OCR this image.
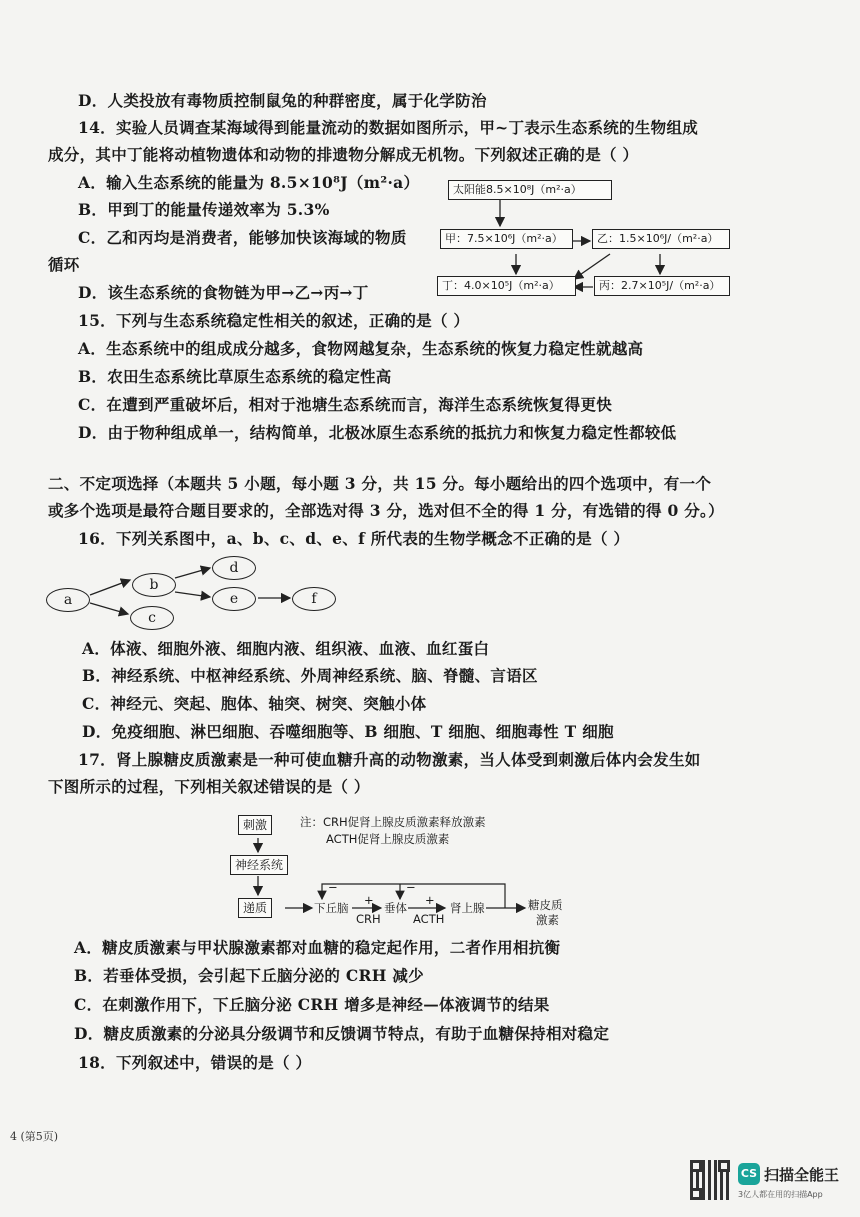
D．人类投放有毒物质控制鼠兔的种群密度，属于化学防治
14．实验人员调查某海域得到能量流动的数据如图所示，甲~丁表示生态系统的生物组成
成分，其中丁能将动植物遗体和动物的排遗物分解成无机物。下列叙述正确的是（ ）
A．输入生态系统的能量为 8.5×10⁸J（m²·a）
B．甲到丁的能量传递效率为 5.3%
C．乙和丙均是消费者，能够加快该海域的物质
循环
D．该生态系统的食物链为甲→乙→丙→丁
15．下列与生态系统稳定性相关的叙述，正确的是（ ）
A．生态系统中的组成成分越多，食物网越复杂，生态系统的恢复力稳定性就越高
B．农田生态系统比草原生态系统的稳定性高
C．在遭到严重破坏后，相对于池塘生态系统而言，海洋生态系统恢复得更快
D．由于物种组成单一，结构简单，北极冰原生态系统的抵抗力和恢复力稳定性都较低
二、不定项选择（本题共 5 小题，每小题 3 分，共 15 分。每小题给出的四个选项中，有一个
或多个选项是最符合题目要求的，全部选对得 3 分，选对但不全的得 1 分，有选错的得 0 分。）
16．下列关系图中，a、b、c、d、e、f 所代表的生物学概念不正确的是（ ）
A．体液、细胞外液、细胞内液、组织液、血液、血红蛋白
B．神经系统、中枢神经系统、外周神经系统、脑、脊髓、言语区
C．神经元、突起、胞体、轴突、树突、突触小体
D．免疫细胞、淋巴细胞、吞噬细胞等、B 细胞、T 细胞、细胞毒性 T 细胞
17．肾上腺糖皮质激素是一种可使血糖升高的动物激素，当人体受到刺激后体内会发生如
下图所示的过程，下列相关叙述错误的是（ ）
A．糖皮质激素与甲状腺激素都对血糖的稳定起作用，二者作用相抗衡
B．若垂体受损，会引起下丘脑分泌的 CRH 减少
C．在刺激作用下，下丘脑分泌 CRH 增多是神经—体液调节的结果
D．糖皮质激素的分泌具分级调节和反馈调节特点，有助于血糖保持相对稳定
18．下列叙述中，错误的是（ ）
太阳能8.5×10⁸J（m²·a）
甲：7.5×10⁶J（m²·a）	乙：1.5×10⁶J/（m²·a）
丁：4.0×10⁵J（m²·a）	丙：2.7×10⁵J/（m²·a）
a
b
c
d
e	f
刺激
神经系统
递质
注：CRH促肾上腺皮质激素释放激素
ACTH促肾上腺皮质激素
下丘脑
CRH
垂体
ACTH
肾上腺	糖皮质
激素
+	+
−	−
4 (第5页)
CS 扫描全能王
3亿人都在用的扫描App
